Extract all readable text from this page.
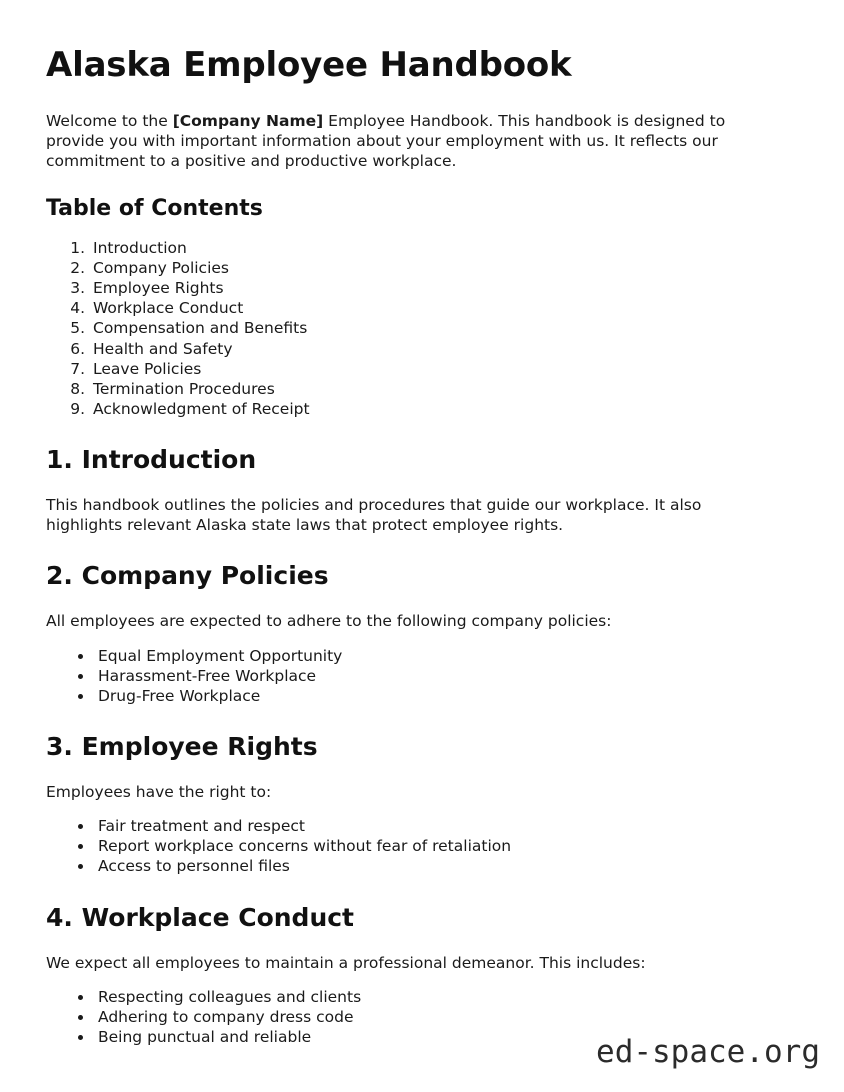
Alaska Employee Handbook

Welcome to the [Company Name] Employee Handbook. This handbook is designed to provide you with important information about your employment with us. It reflects our commitment to a positive and productive workplace.

Table of Contents
1. Introduction
2. Company Policies
3. Employee Rights
4. Workplace Conduct
5. Compensation and Benefits
6. Health and Safety
7. Leave Policies
8. Termination Procedures
9. Acknowledgment of Receipt
1. Introduction

This handbook outlines the policies and procedures that guide our workplace. It also highlights relevant Alaska state laws that protect employee rights.

2. Company Policies

All employees are expected to adhere to the following company policies:

• Equal Employment Opportunity
• Harassment-Free Workplace
• Drug-Free Workplace
3. Employee Rights

Employees have the right to:

• Fair treatment and respect
• Report workplace concerns without fear of retaliation
• Access to personnel files
4. Workplace Conduct

We expect all employees to maintain a professional demeanor. This includes:

• Respecting colleagues and clients
• Adhering to company dress code
• Being punctual and reliable	ed-space.org
